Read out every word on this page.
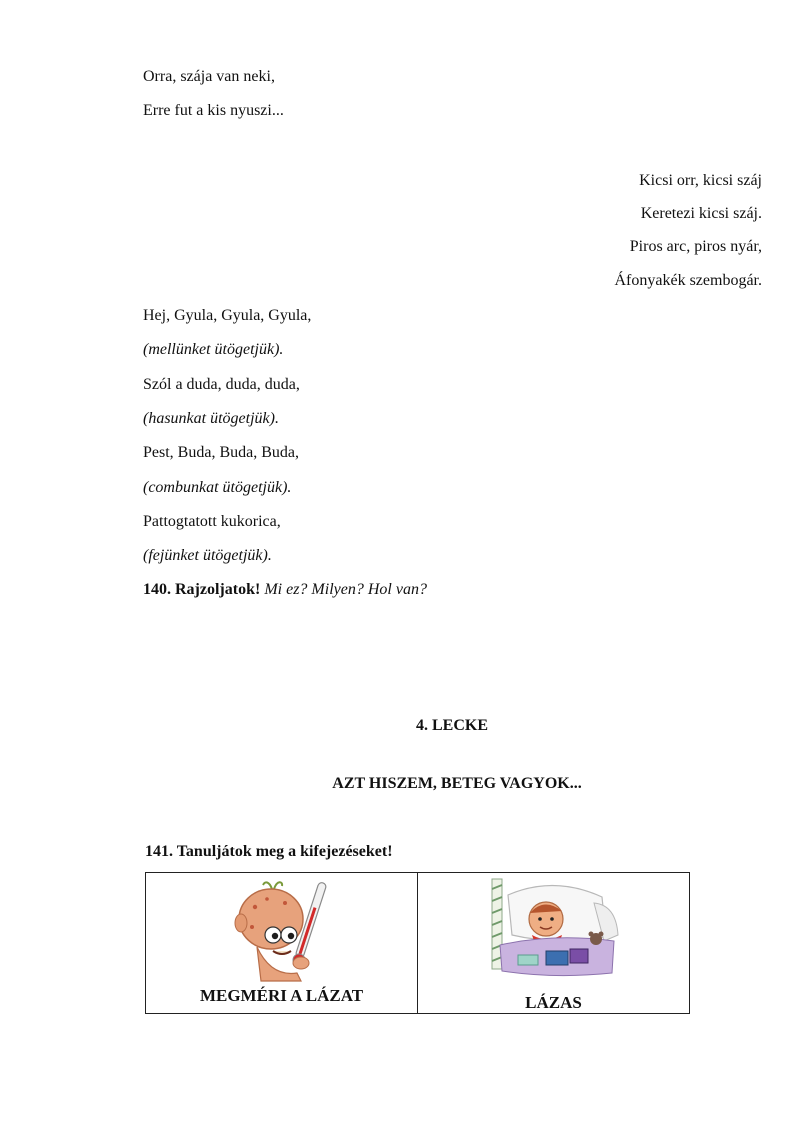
Orra, szája van neki,
Erre fut a kis nyuszi...
Kicsi orr, kicsi száj
Keretezi kicsi száj.
Piros arc, piros nyár,
Áfonyakék szembogár.
Hej, Gyula, Gyula, Gyula,
(mellünket ütögetjük).
Szól a duda, duda, duda,
(hasunkat ütögetjük).
Pest, Buda, Buda, Buda,
(combunkat ütögetjük).
Pattogtatott kukorica,
(fejünket ütögetjük).
140. Rajzoljatok! Mi ez? Milyen? Hol van?
4. LECKE
AZT HISZEM, BETEG VAGYOK...
141. Tanuljátok meg a kifejezéseket!
MEGMÉRI A LÁZAT	LÁZAS
